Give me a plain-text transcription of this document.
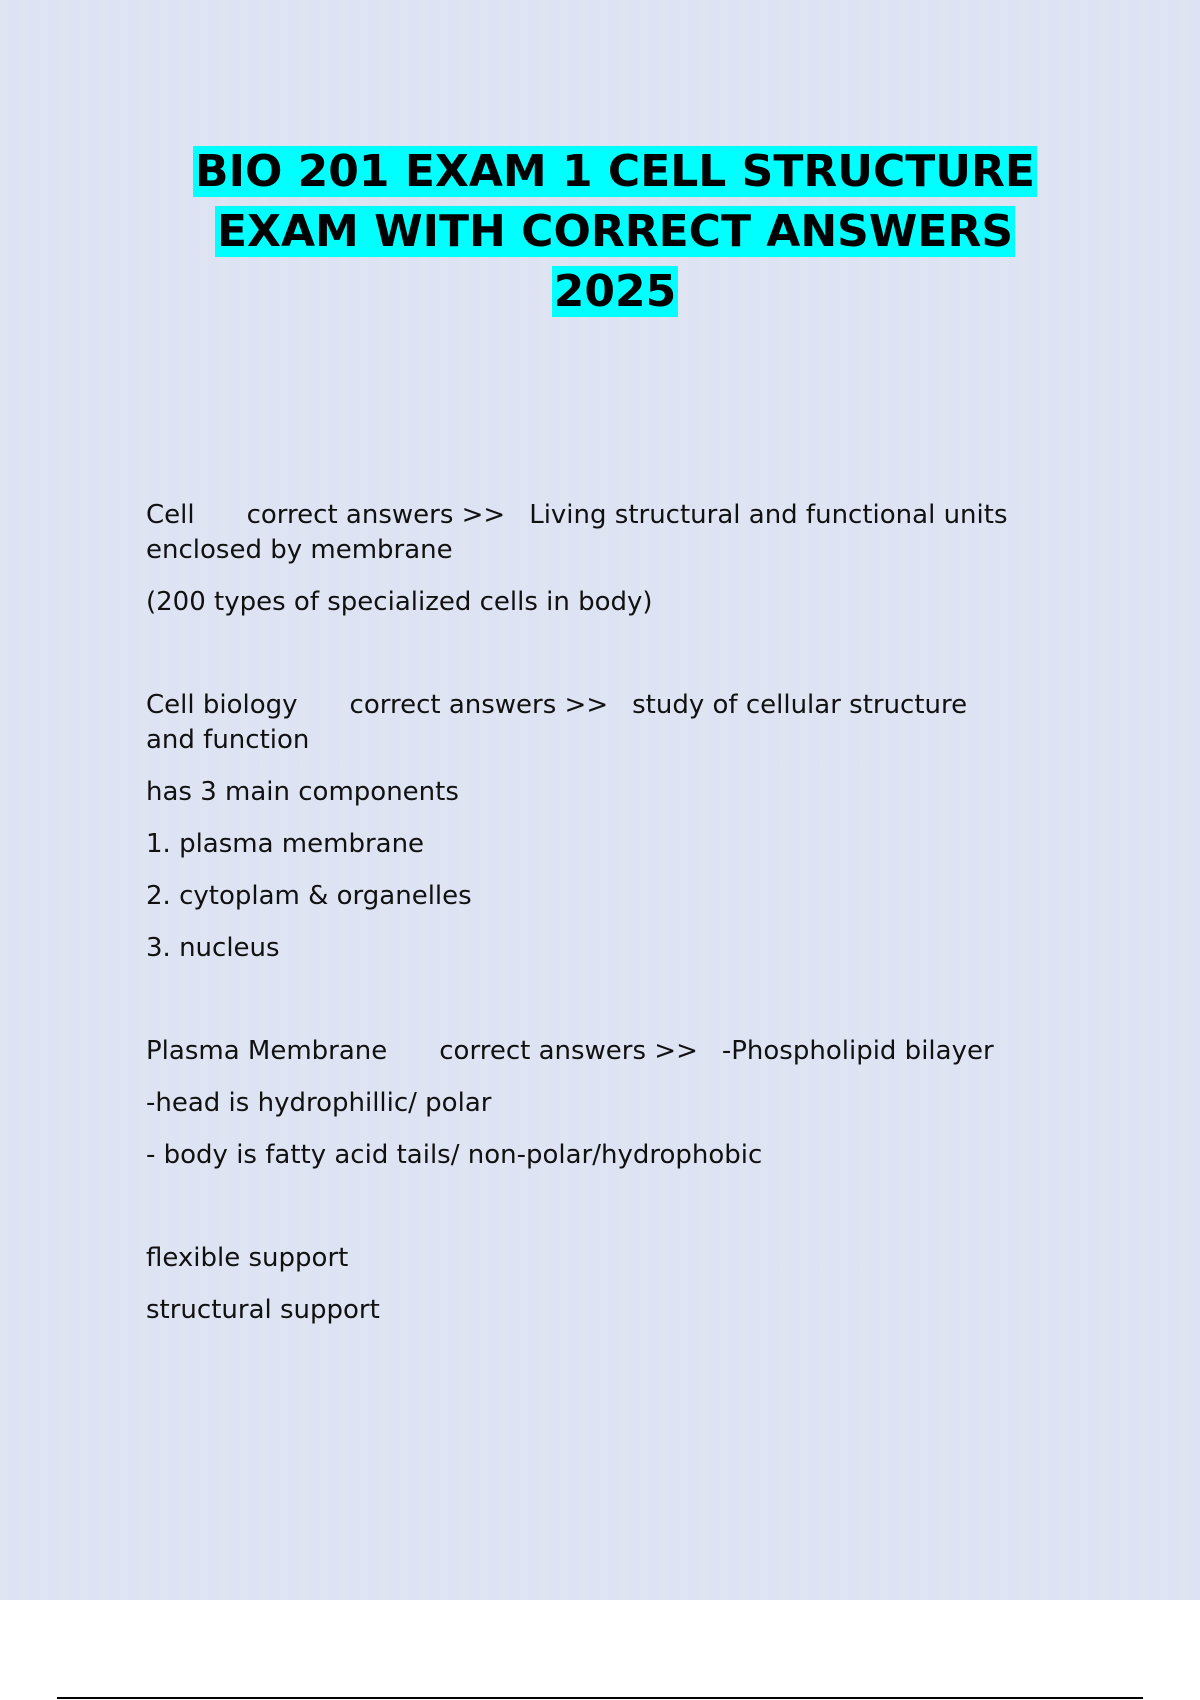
BIO 201 EXAM 1 CELL STRUCTURE
EXAM WITH CORRECT ANSWERS
2025
Cell correct answers >> Living structural and functional units
enclosed by membrane
(200 types of specialized cells in body)
Cell biology correct answers >> study of cellular structure
and function
has 3 main components
1. plasma membrane
2. cytoplam & organelles
3. nucleus
Plasma Membrane correct answers >> -Phospholipid bilayer
-head is hydrophillic/ polar
- body is fatty acid tails/ non-polar/hydrophobic
flexible support
structural support
